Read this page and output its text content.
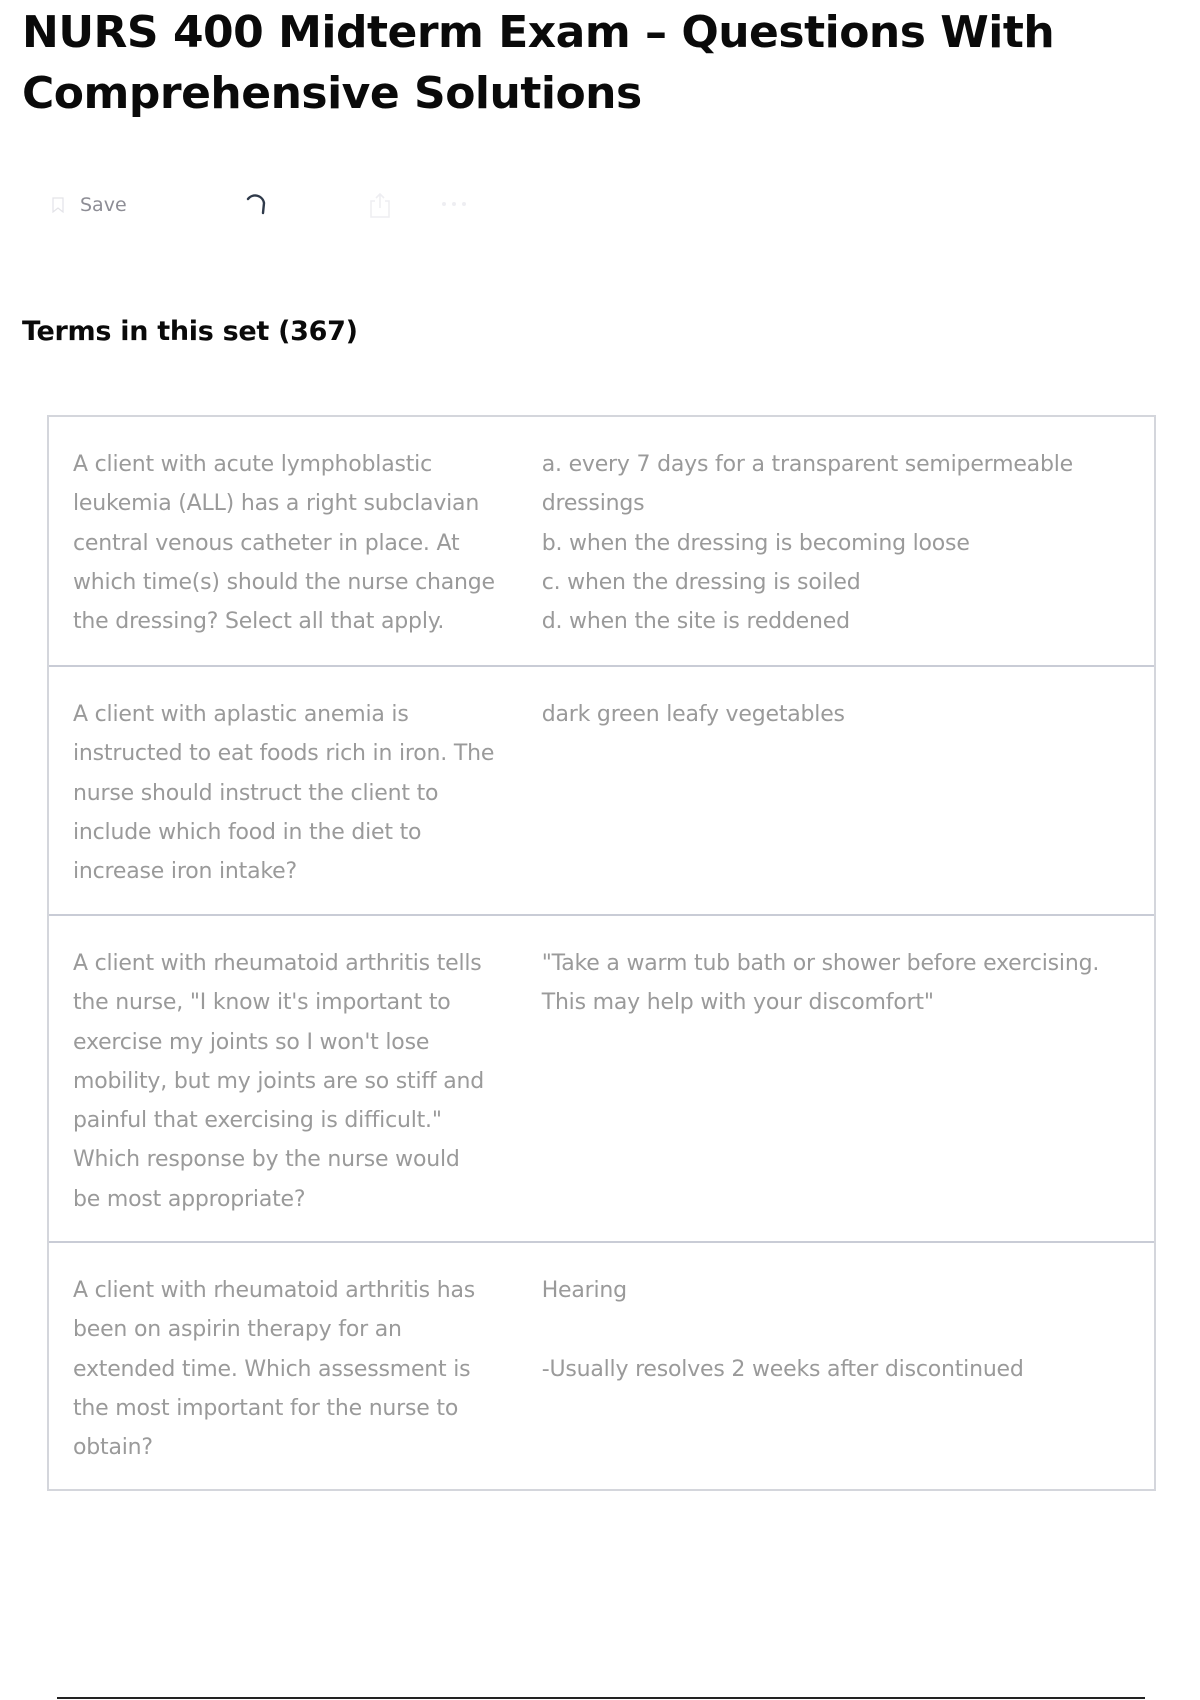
NURS 400 Midterm Exam – Questions With
Comprehensive Solutions
Save
Terms in this set (367)
A client with acute lymphoblastic
leukemia (ALL) has a right subclavian
central venous catheter in place. At
which time(s) should the nurse change
the dressing? Select all that apply.
a. every 7 days for a transparent semipermeable
dressings
b. when the dressing is becoming loose
c. when the dressing is soiled
d. when the site is reddened
A client with aplastic anemia is
instructed to eat foods rich in iron. The
nurse should instruct the client to
include which food in the diet to
increase iron intake?
dark green leafy vegetables
A client with rheumatoid arthritis tells
the nurse, "I know it's important to
exercise my joints so I won't lose
mobility, but my joints are so stiff and
painful that exercising is difficult."
Which response by the nurse would
be most appropriate?
"Take a warm tub bath or shower before exercising.
This may help with your discomfort"
A client with rheumatoid arthritis has
been on aspirin therapy for an
extended time. Which assessment is
the most important for the nurse to
obtain?
Hearing
-Usually resolves 2 weeks after discontinued
